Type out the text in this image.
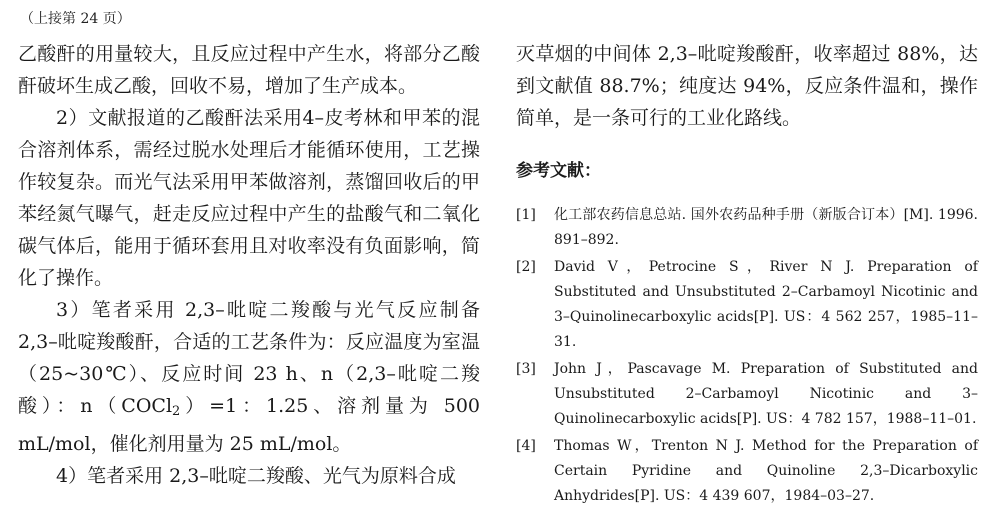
（上接第 24 页）

乙酸酐的用量较大，且反应过程中产生水，将部分乙酸酐破坏生成乙酸，回收不易，增加了生产成本。

2）文献报道的乙酸酐法采用4–皮考林和甲苯的混合溶剂体系，需经过脱水处理后才能循环使用，工艺操作较复杂。而光气法采用甲苯做溶剂，蒸馏回收后的甲苯经氮气曝气，赶走反应过程中产生的盐酸气和二氧化碳气体后，能用于循环套用且对收率没有负面影响，简化了操作。

3）笔者采用 2,3–吡啶二羧酸与光气反应制备 2,3–吡啶羧酸酐，合适的工艺条件为：反应温度为室温（25~30℃）、反应时间 23 h、n（2,3–吡啶二羧酸）：n（COCl$_2$）=1：1.25、溶剂量为 500 mL/mol，催化剂用量为 25 mL/mol。

4）笔者采用 2,3–吡啶二羧酸、光气为原料合成

灭草烟的中间体 2,3–吡啶羧酸酐，收率超过 88%，达到文献值 88.7%；纯度达 94%，反应条件温和，操作简单，是一条可行的工业化路线。

参考文献：
[1]	化工部农药信息总站. 国外农药品种手册（新版合订本）[M]. 1996. 891–892.
[2]	David V，Petrocine S，River N J. Preparation of Substituted and Unsubstituted 2–Carbamoyl Nicotinic and 3–Quinolinecarboxylic acids[P]. US：4 562 257，1985–11–31.
[3]	John J，Pascavage M. Preparation of Substituted and Unsubstituted 2–Carbamoyl Nicotinic and 3–Quinolinecarboxylic acids[P]. US：4 782 157，1988–11–01.
[4]	Thomas W，Trenton N J. Method for the Preparation of Certain Pyridine and Quinoline 2,3–Dicarboxylic Anhydrides[P]. US：4 439 607，1984–03–27.
